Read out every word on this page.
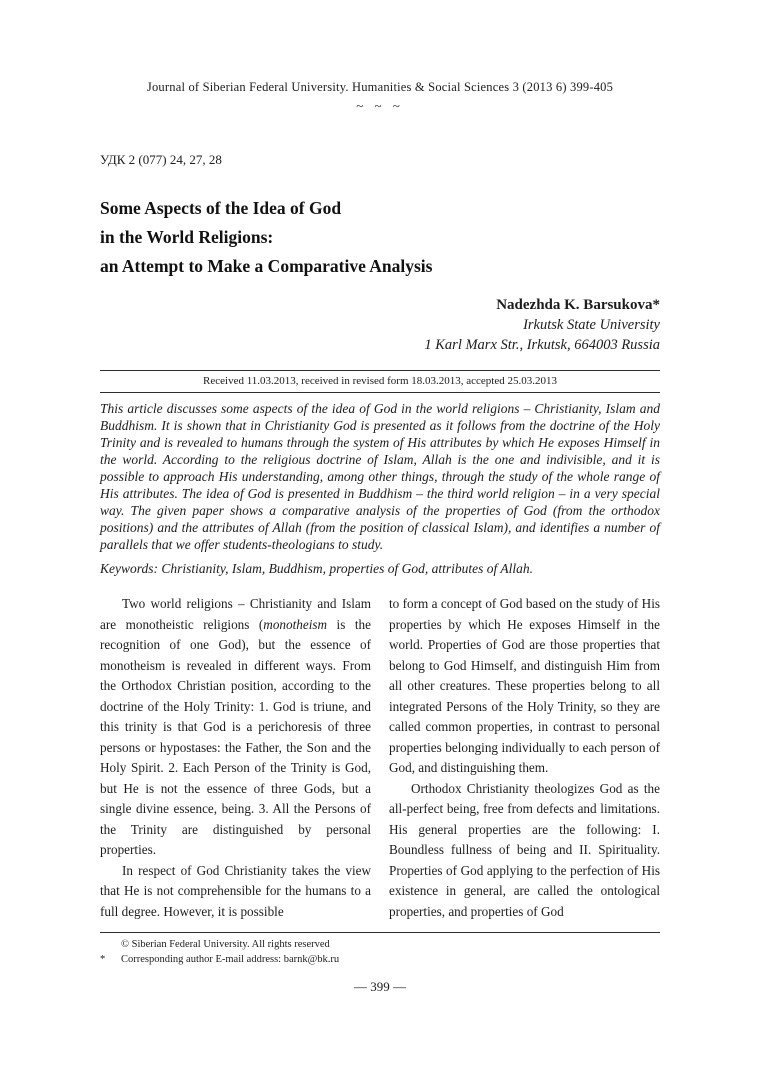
Journal of Siberian Federal University. Humanities & Social Sciences 3 (2013 6) 399-405
~ ~ ~
УДК 2 (077) 24, 27, 28
Some Aspects of the Idea of God
in the World Religions:
an Attempt to Make a Comparative Analysis
Nadezhda K. Barsukova*
Irkutsk State University
1 Karl Marx Str., Irkutsk, 664003 Russia
Received 11.03.2013, received in revised form 18.03.2013, accepted 25.03.2013
This article discusses some aspects of the idea of God in the world religions – Christianity, Islam and Buddhism. It is shown that in Christianity God is presented as it follows from the doctrine of the Holy Trinity and is revealed to humans through the system of His attributes by which He exposes Himself in the world. According to the religious doctrine of Islam, Allah is the one and indivisible, and it is possible to approach His understanding, among other things, through the study of the whole range of His attributes. The idea of God is presented in Buddhism – the third world religion – in a very special way. The given paper shows a comparative analysis of the properties of God (from the orthodox positions) and the attributes of Allah (from the position of classical Islam), and identifies a number of parallels that we offer students-theologians to study.
Keywords: Christianity, Islam, Buddhism, properties of God, attributes of Allah.

Two world religions – Christianity and Islam are monotheistic religions (monotheism is the recognition of one God), but the essence of monotheism is revealed in different ways. From the Orthodox Christian position, according to the doctrine of the Holy Trinity: 1. God is triune, and this trinity is that God is a perichoresis of three persons or hypostases: the Father, the Son and the Holy Spirit. 2. Each Person of the Trinity is God, but He is not the essence of three Gods, but a single divine essence, being. 3. All the Persons of the Trinity are distinguished by personal properties.

In respect of God Christianity takes the view that He is not comprehensible for the humans to a full degree. However, it is possible

to form a concept of God based on the study of His properties by which He exposes Himself in the world. Properties of God are those properties that belong to God Himself, and distinguish Him from all other creatures. These properties belong to all integrated Persons of the Holy Trinity, so they are called common properties, in contrast to personal properties belonging individually to each person of God, and distinguishing them.

Orthodox Christianity theologizes God as the all-perfect being, free from defects and limitations. His general properties are the following: I. Boundless fullness of being and II. Spirituality. Properties of God applying to the perfection of His existence in general, are called the ontological properties, and properties of God

© Siberian Federal University. All rights reserved
*	Corresponding author E-mail address: barnk@bk.ru
— 399 —
